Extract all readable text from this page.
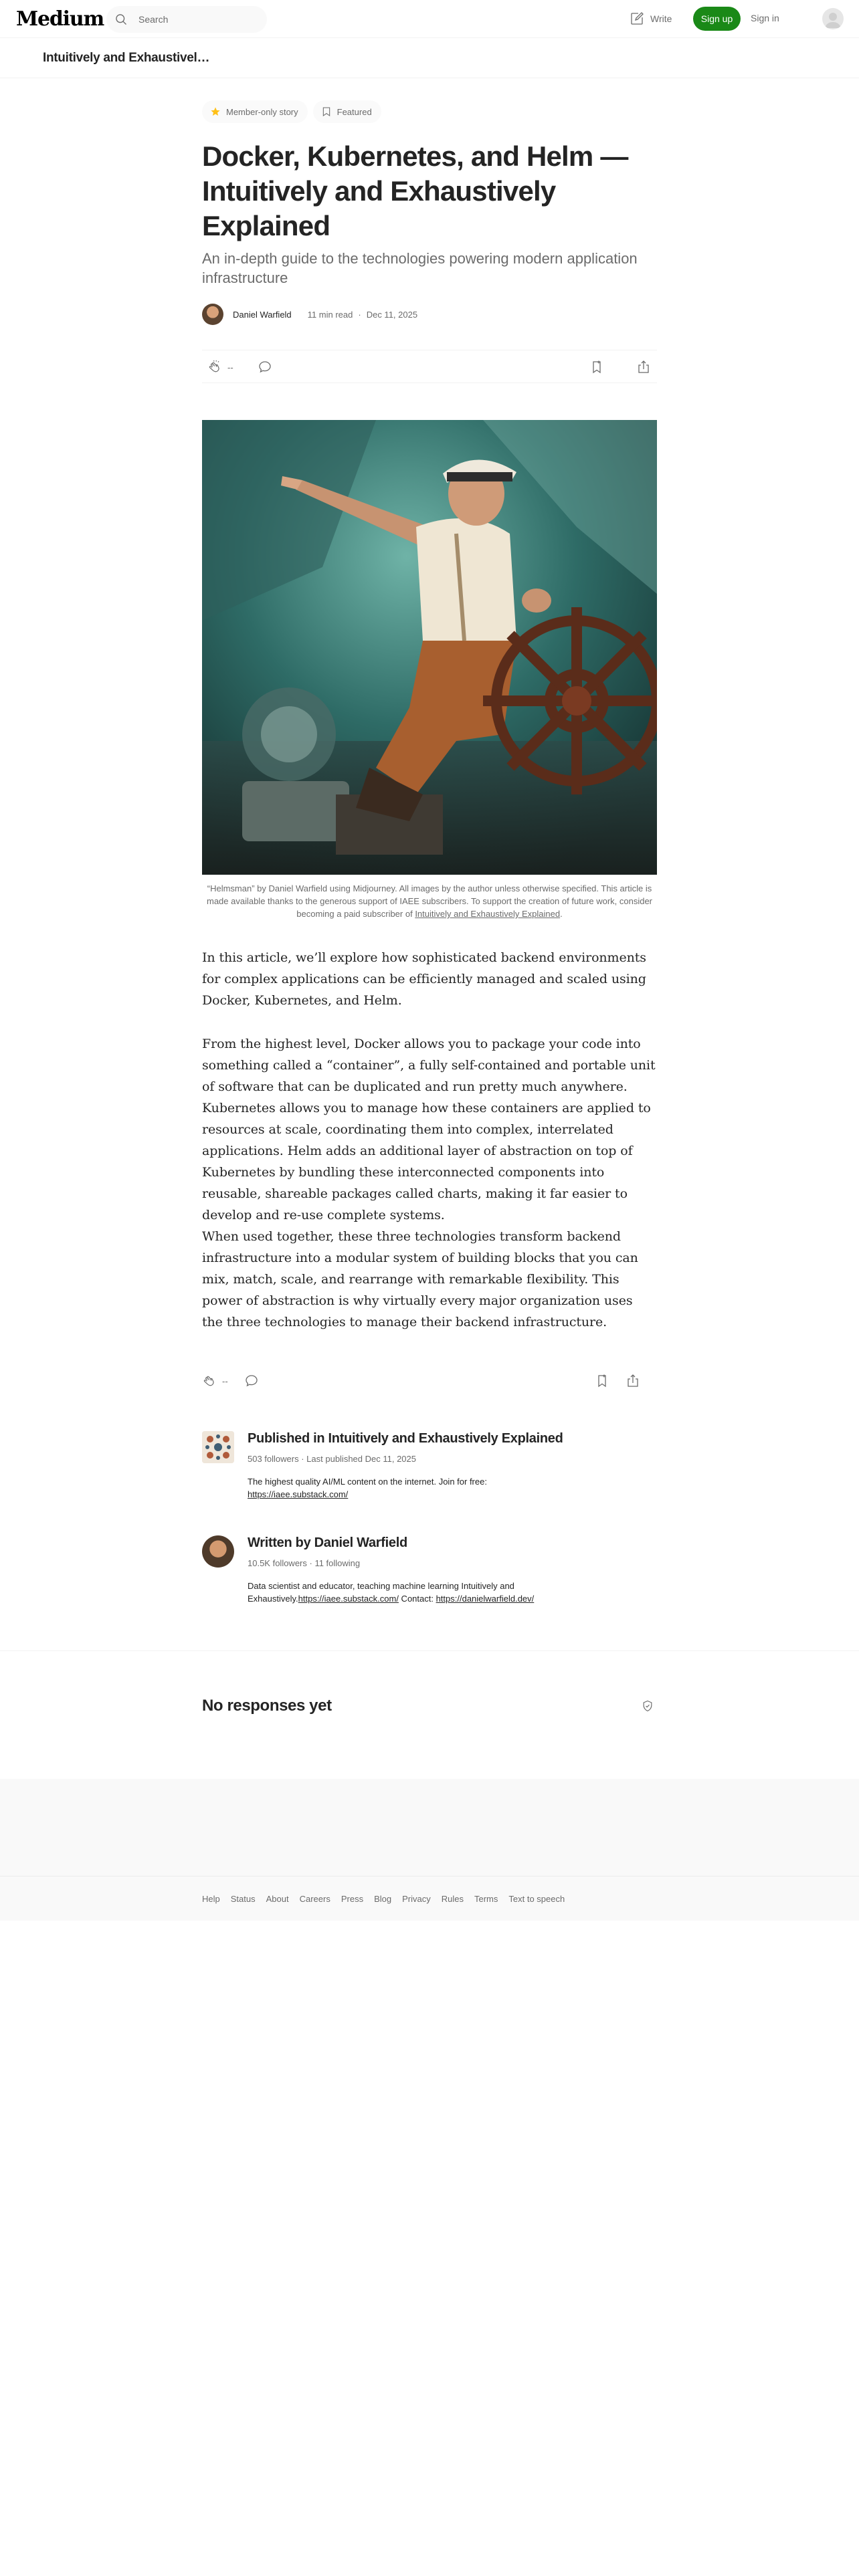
Medium	Search	Write	Sign up	Sign in
Intuitively and Exhaustivel…
Member-only story	Featured
Docker, Kubernetes, and Helm — Intuitively and Exhaustively Explained
An in-depth guide to the technologies powering modern application infrastructure
Daniel Warfield 11 min read · Dec 11, 2025
--

“Helmsman” by Daniel Warfield using Midjourney. All images by the author unless otherwise specified. This article is made available thanks to the generous support of IAEE subscribers. To support the creation of future work, consider becoming a paid subscriber of Intuitively and Exhaustively Explained.

In this article, we’ll explore how sophisticated backend environments for complex applications can be efficiently managed and scaled using Docker, Kubernetes, and Helm.

From the highest level, Docker allows you to package your code into something called a “container”, a fully self-contained and portable unit of software that can be duplicated and run pretty much anywhere. Kubernetes allows you to manage how these containers are applied to resources at scale, coordinating them into complex, interrelated applications. Helm adds an additional layer of abstraction on top of Kubernetes by bundling these interconnected components into reusable, shareable packages called charts, making it far easier to develop and re-use complete systems.

When used together, these three technologies transform backend infrastructure into a modular system of building blocks that you can mix, match, scale, and rearrange with remarkable flexibility. This power of abstraction is why virtually every major organization uses the three technologies to manage their backend infrastructure.

--
Published in Intuitively and Exhaustively Explained
503 followers · Last published Dec 11, 2025
The highest quality AI/ML content on the internet. Join for free: https://iaee.substack.com/
Written by Daniel Warfield
10.5K followers · 11 following
Data scientist and educator, teaching machine learning Intuitively and Exhaustively.https://iaee.substack.com/ Contact: https://danielwarfield.dev/
No responses yet
Help Status About Careers Press Blog Privacy Rules Terms Text to speech
